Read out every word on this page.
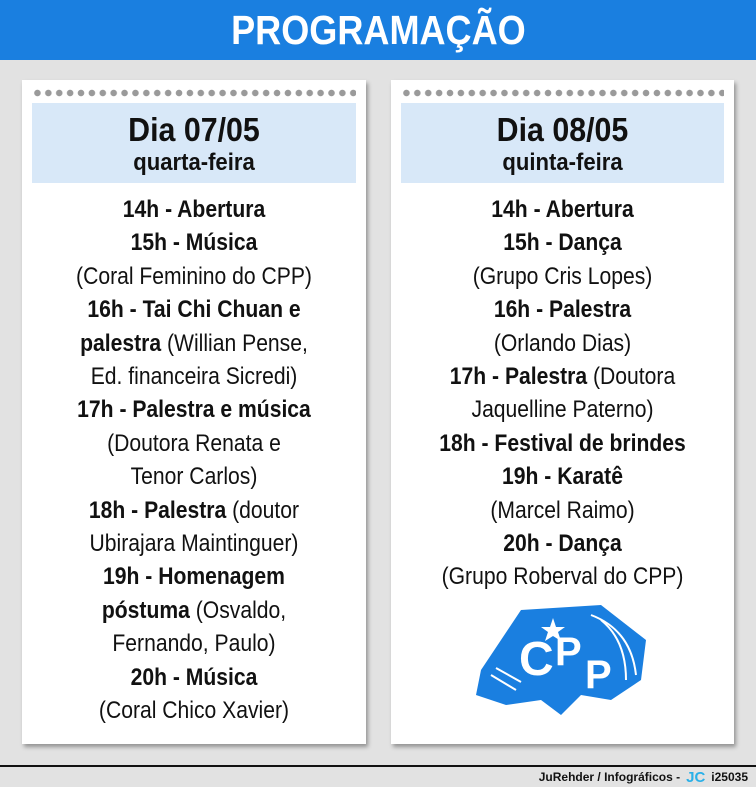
PROGRAMAÇÃO
Dia 07/05
quarta-feira
14h - Abertura
15h - Música
(Coral Feminino do CPP)
16h - Tai Chi Chuan e
palestra (Willian Pense,
Ed. financeira Sicredi)
17h - Palestra e música
(Doutora Renata e
Tenor Carlos)
18h - Palestra (doutor
Ubirajara Maintinguer)
19h - Homenagem
póstuma (Osvaldo,
Fernando, Paulo)
20h - Música
(Coral Chico Xavier)
Dia 08/05
quinta-feira
14h - Abertura
15h - Dança
(Grupo Cris Lopes)
16h - Palestra
(Orlando Dias)
17h - Palestra (Doutora
Jaquelline Paterno)
18h - Festival de brindes
19h - Karatê
(Marcel Raimo)
20h - Dança
(Grupo Roberval do CPP)
C P
P
JuRehder / Infográficos - JC i25035
